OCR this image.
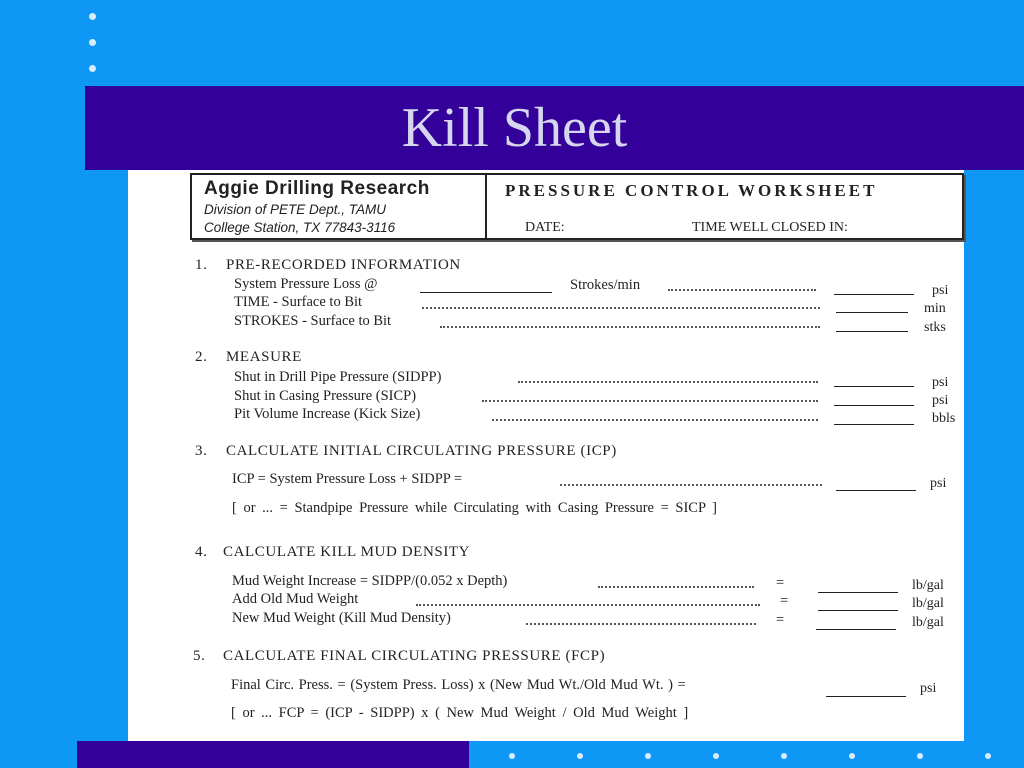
Kill Sheet
Aggie Drilling Research
Division of PETE Dept., TAMU
College Station, TX 77843-3116
PRESSURE CONTROL WORKSHEET
DATE:	TIME WELL CLOSED IN:
1. PRE-RECORDED INFORMATION
System Pressure Loss @	Strokes/min	psi
TIME - Surface to Bit	min
STROKES - Surface to Bit	stks
2. MEASURE
Shut in Drill Pipe Pressure (SIDPP)	psi
Shut in Casing Pressure (SICP)	psi
Pit Volume Increase (Kick Size)	bbls
3. CALCULATE INITIAL CIRCULATING PRESSURE (ICP)
ICP = System Pressure Loss + SIDPP =	psi
[ or ... = Standpipe Pressure while Circulating with Casing Pressure = SICP ]
4. CALCULATE KILL MUD DENSITY
Mud Weight Increase = SIDPP/(0.052 x Depth)	=	lb/gal
Add Old Mud Weight	=	lb/gal
New Mud Weight (Kill Mud Density)	=	lb/gal
5. CALCULATE FINAL CIRCULATING PRESSURE (FCP)
Final Circ. Press. = (System Press. Loss) x (New Mud Wt./Old Mud Wt. ) =	psi
[ or ... FCP = (ICP - SIDPP) x ( New Mud Weight / Old Mud Weight ]
